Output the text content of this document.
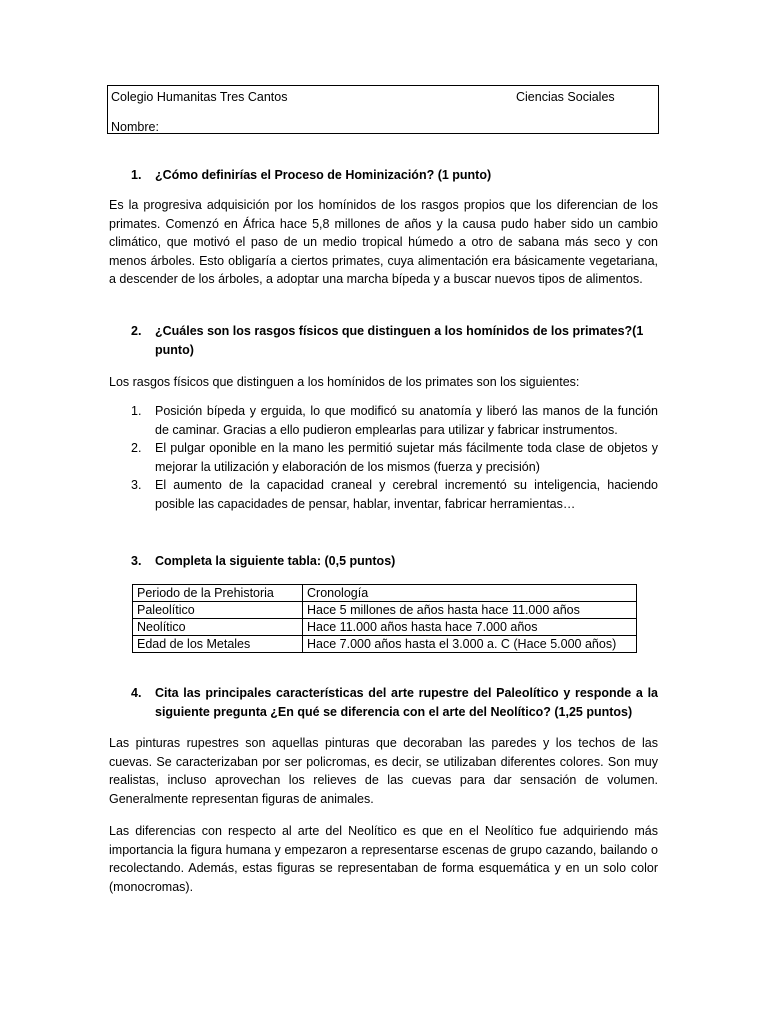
Colegio Humanitas Tres Cantos	Ciencias Sociales
Nombre:
1. ¿Cómo definirías el Proceso de Hominización? (1 punto)
Es la progresiva adquisición por los homínidos de los rasgos propios que los diferencian de los primates. Comenzó en África hace 5,8 millones de años y la causa pudo haber sido un cambio climático, que motivó el paso de un medio tropical húmedo a otro de sabana más seco y con menos árboles. Esto obligaría a ciertos primates, cuya alimentación era básicamente vegetariana, a descender de los árboles, a adoptar una marcha bípeda y a buscar nuevos tipos de alimentos.
2. ¿Cuáles son los rasgos físicos que distinguen a los homínidos de los primates?(1 punto)
Los rasgos físicos que distinguen a los homínidos de los primates son los siguientes:
1. Posición bípeda y erguida, lo que modificó su anatomía y liberó las manos de la función de caminar. Gracias a ello pudieron emplearlas para utilizar y fabricar instrumentos.
2. El pulgar oponible en la mano les permitió sujetar más fácilmente toda clase de objetos y mejorar la utilización y elaboración de los mismos (fuerza y precisión)
3. El aumento de la capacidad craneal y cerebral incrementó su inteligencia, haciendo posible las capacidades de pensar, hablar, inventar, fabricar herramientas…
3. Completa la siguiente tabla: (0,5 puntos)
Periodo de la Prehistoria	Cronología
Paleolítico	Hace 5 millones de años hasta hace 11.000 años
Neolítico	Hace 11.000 años hasta hace 7.000 años
Edad de los Metales	Hace 7.000 años hasta el 3.000 a. C (Hace 5.000 años)
4. Cita las principales características del arte rupestre del Paleolítico y responde a la siguiente pregunta ¿En qué se diferencia con el arte del Neolítico? (1,25 puntos)
Las pinturas rupestres son aquellas pinturas que decoraban las paredes y los techos de las cuevas. Se caracterizaban por ser policromas, es decir, se utilizaban diferentes colores. Son muy realistas, incluso aprovechan los relieves de las cuevas para dar sensación de volumen. Generalmente representan figuras de animales.
Las diferencias con respecto al arte del Neolítico es que en el Neolítico fue adquiriendo más importancia la figura humana y empezaron a representarse escenas de grupo cazando, bailando o recolectando. Además, estas figuras se representaban de forma esquemática y en un solo color (monocromas).
